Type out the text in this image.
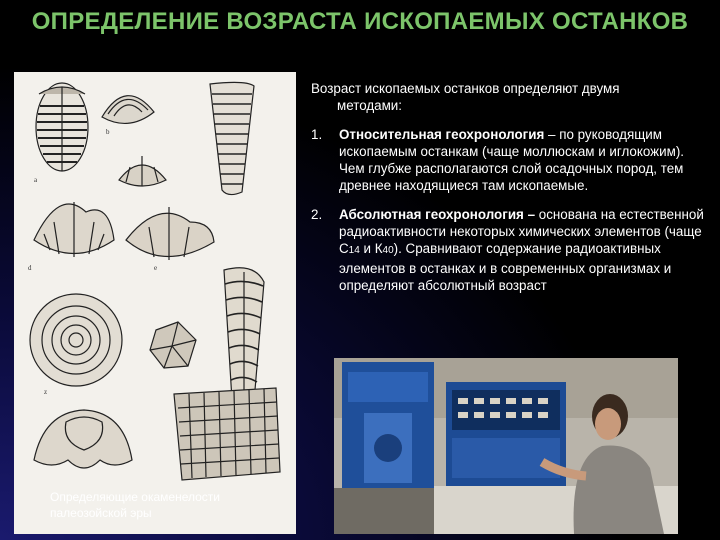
ОПРЕДЕЛЕНИЕ ВОЗРАСТА ИСКОПАЕМЫХ ОСТАНКОВ
a
b
d	e
z
Определяющие окаменелости палеозойской эры

Возраст ископаемых останков определяют двумя
методами:

1.	Относительная геохронология – по руководящим ископаемым останкам (чаще моллюскам и иглокожим). Чем глубже располагаются слой осадочных пород, тем древнее находящиеся там ископаемые.
2.	Абсолютная геохронология – основана на естественной радиоактивности некоторых химических элементов (чаще С14 и К40). Сравнивают содержание радиоактивных элементов в останках и в современных организмах и определяют абсолютный возраст
